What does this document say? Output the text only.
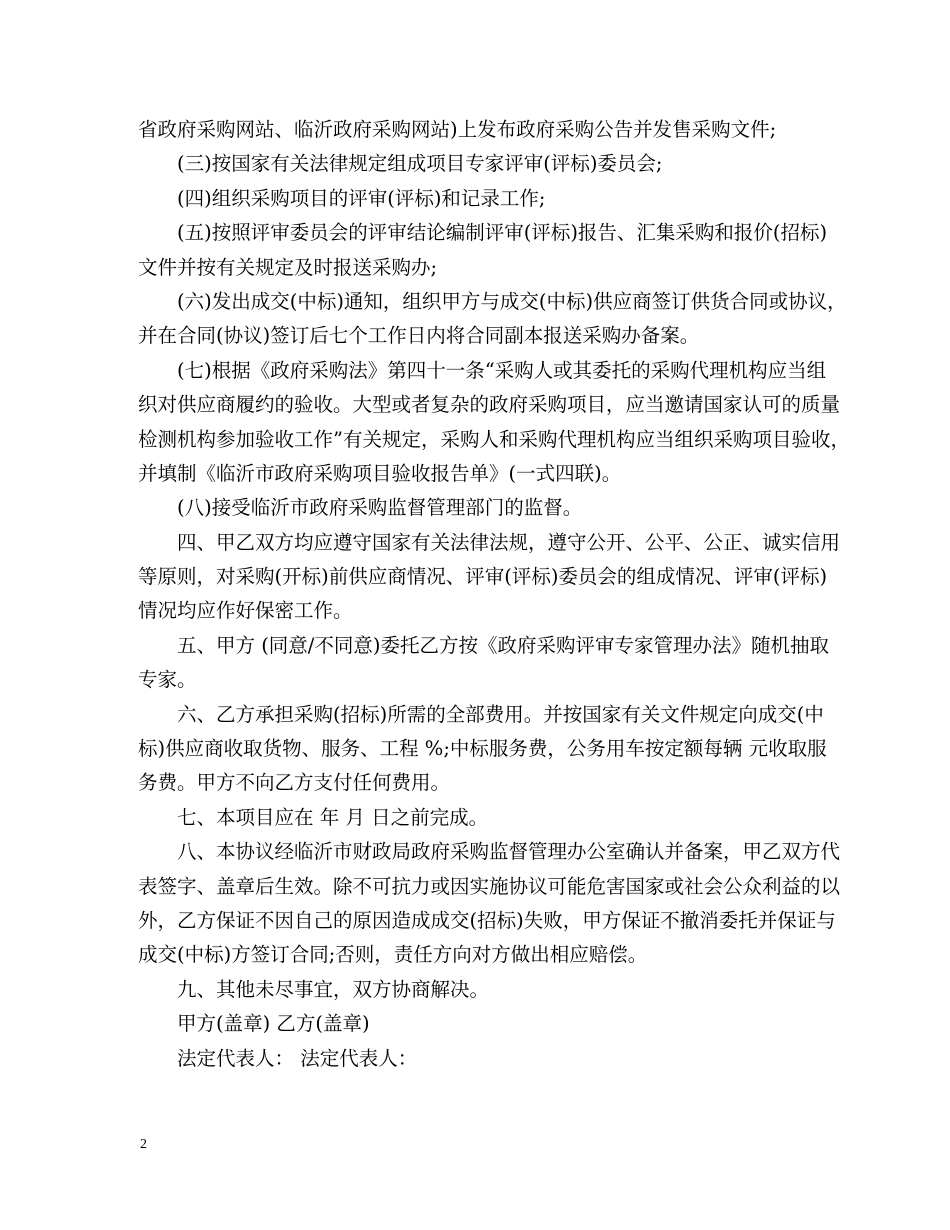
省政府采购网站、临沂政府采购网站)上发布政府采购公告并发售采购文件;

(三)按国家有关法律规定组成项目专家评审(评标)委员会;

(四)组织采购项目的评审(评标)和记录工作;

(五)按照评审委员会的评审结论编制评审(评标)报告、汇集采购和报价(招标)
文件并按有关规定及时报送采购办;

(六)发出成交(中标)通知，组织甲方与成交(中标)供应商签订供货合同或协议，
并在合同(协议)签订后七个工作日内将合同副本报送采购办备案。

(七)根据《政府采购法》第四十一条“采购人或其委托的采购代理机构应当组
织对供应商履约的验收。大型或者复杂的政府采购项目，应当邀请国家认可的质量
检测机构参加验收工作”有关规定，采购人和采购代理机构应当组织采购项目验收，
并填制《临沂市政府采购项目验收报告单》(一式四联)。

(八)接受临沂市政府采购监督管理部门的监督。

四、甲乙双方均应遵守国家有关法律法规，遵守公开、公平、公正、诚实信用
等原则，对采购(开标)前供应商情况、评审(评标)委员会的组成情况、评审(评标)
情况均应作好保密工作。

五、甲方 (同意/不同意)委托乙方按《政府采购评审专家管理办法》随机抽取
专家。

六、乙方承担采购(招标)所需的全部费用。并按国家有关文件规定向成交(中
标)供应商收取货物、服务、工程 %;中标服务费，公务用车按定额每辆 元收取服
务费。甲方不向乙方支付任何费用。

七、本项目应在 年 月 日之前完成。

八、本协议经临沂市财政局政府采购监督管理办公室确认并备案，甲乙双方代
表签字、盖章后生效。除不可抗力或因实施协议可能危害国家或社会公众利益的以
外，乙方保证不因自己的原因造成成交(招标)失败，甲方保证不撤消委托并保证与
成交(中标)方签订合同;否则，责任方向对方做出相应赔偿。

九、其他未尽事宜，双方协商解决。

甲方(盖章) 乙方(盖章)

法定代表人： 法定代表人：

2
